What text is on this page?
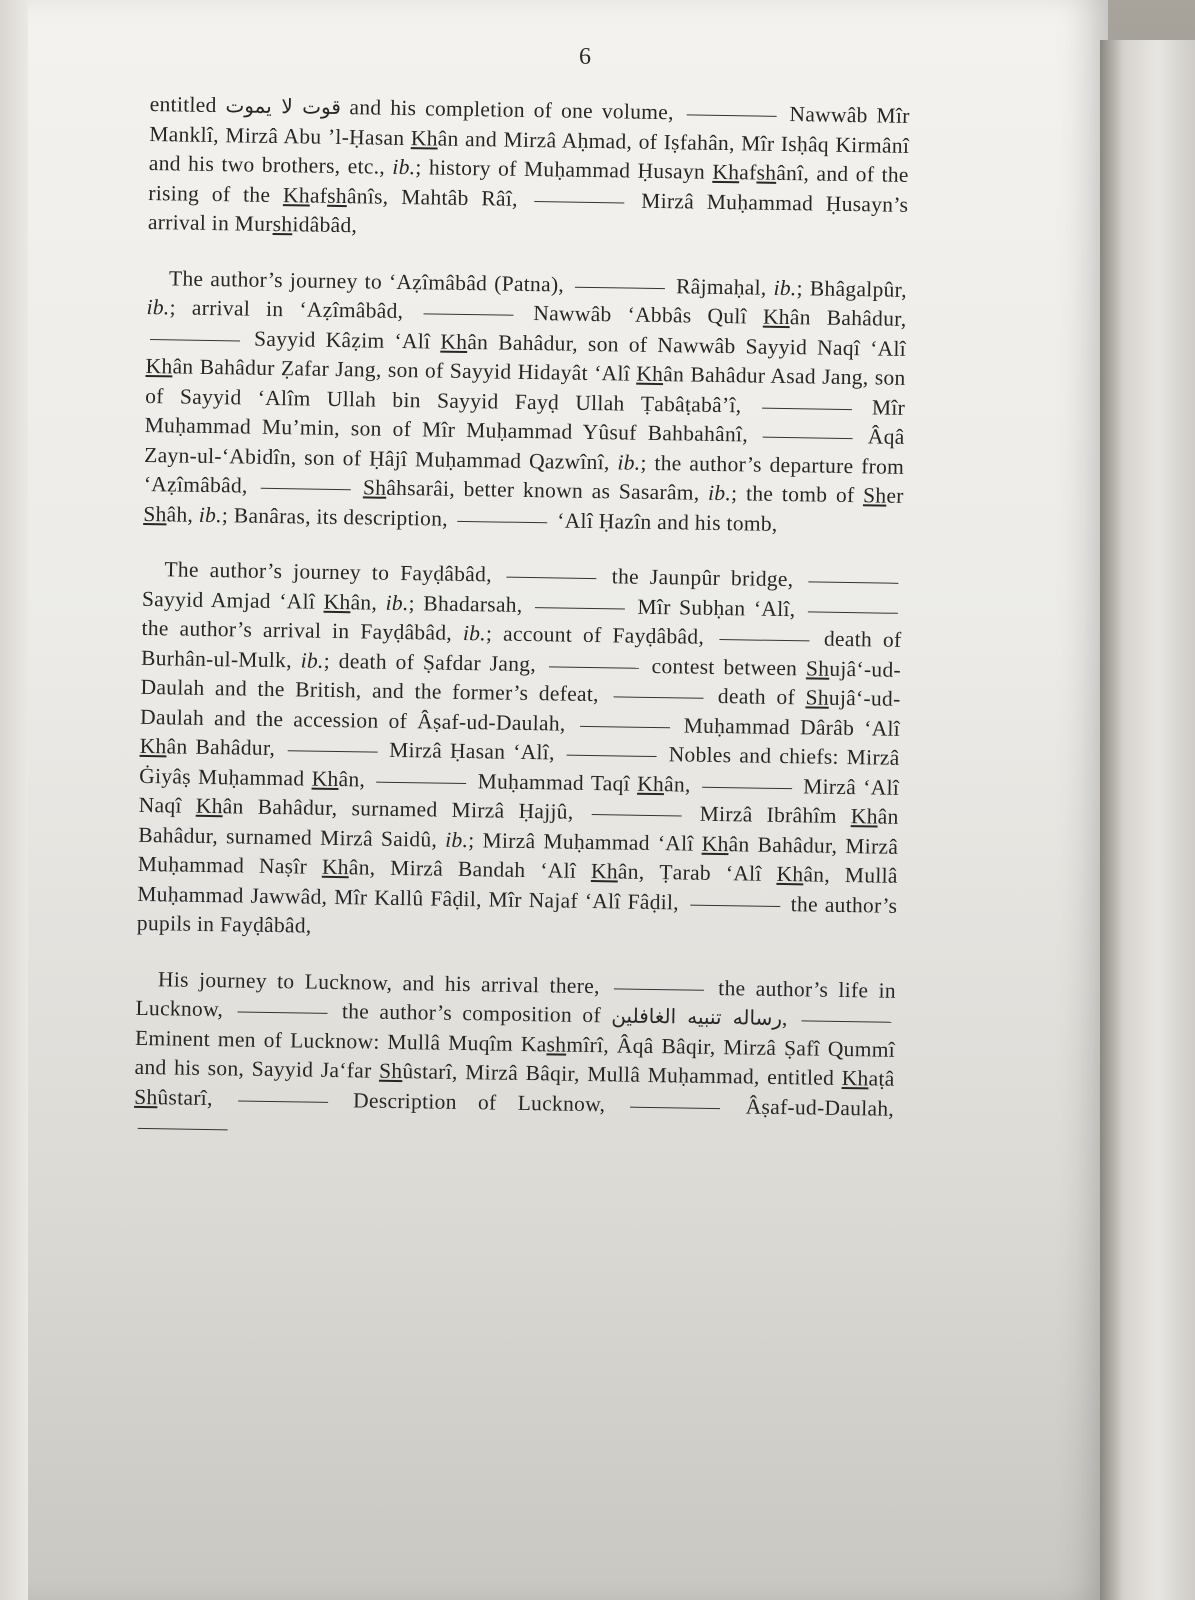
6

entitled قوت لا يموت and his completion of one volume,	Nawwâb Mîr Manklî, Mirzâ Abu ’l-Ḥasan Khân and Mirzâ Aḥmad, of Iṣfahân, Mîr Isḥâq Kirmânî and his two brothers, etc., ib.; history of Muḥammad Ḥusayn Khafshânî, and of the rising of the Khafshânîs, Mahtâb Râî,	Mirzâ Muḥammad Ḥusayn’s arrival in Murshidâbâd,

The author’s journey to ‘Aẓîmâbâd (Patna),	Râjmaḥal, ib.; Bhâgalpûr, ib.; arrival in ‘Aẓîmâbâd,	Nawwâb ‘Abbâs Qulî Khân Bahâdur,  Sayyid Kâẓim ‘Alî Khân Bahâdur, son of Nawwâb Sayyid Naqî ‘Alî Khân Bahâdur Ẓafar Jang, son of Sayyid Hidayât ‘Alî Khân Bahâdur Asad Jang, son of Sayyid ‘Alîm Ullah bin Sayyid Fayḍ Ullah Ṭabâṭabâ’î,	Mîr Muḥammad Mu’min, son of Mîr Muḥammad Yûsuf Bahbahânî,	Âqâ Zayn-ul-‘Abidîn, son of Ḥâjî Muḥammad Qazwînî, ib.; the author’s departure from ‘Aẓîmâbâd,	Shâhsarâi, better known as Sasarâm, ib.; the tomb of Sher Shâh, ib.; Banâras, its description,	‘Alî Ḥazîn and his tomb,

The author’s journey to Fayḍâbâd,	the Jaunpûr bridge,  Sayyid Amjad ‘Alî Khân, ib.; Bhadarsah,	Mîr Subḥan ‘Alî,  the author’s arrival in Fayḍâbâd, ib.; account of Fayḍâbâd,	death of Burhân-ul-Mulk, ib.; death of Ṣafdar Jang,	contest between Shujâ‘-ud-Daulah and the British, and the former’s defeat,	death of Shujâ‘-ud-Daulah and the accession of Âṣaf-ud-Daulah,	Muḥammad Dârâb ‘Alî Khân Bahâdur,	Mirzâ Ḥasan ‘Alî,	Nobles and chiefs: Mirzâ Ġiyâṣ Muḥammad Khân,	Muḥammad Taqî Khân,	Mirzâ ‘Alî Naqî Khân Bahâdur, surnamed Mirzâ Ḥajjû,	Mirzâ Ibrâhîm Khân Bahâdur, surnamed Mirzâ Saidû, ib.; Mirzâ Muḥammad ‘Alî Khân Bahâdur, Mirzâ Muḥammad Naṣîr Khân, Mirzâ Bandah ‘Alî Khân, Ṭarab ‘Alî Khân, Mullâ Muḥammad Jawwâd, Mîr Kallû Fâḍil, Mîr Najaf ‘Alî Fâḍil,	the author’s pupils in Fayḍâbâd,

His journey to Lucknow, and his arrival there,	the author’s life in Lucknow,	the author’s composition of رساله تنبيه الغافلين,  Eminent men of Lucknow: Mullâ Muqîm Kashmîrî, Âqâ Bâqir, Mirzâ Ṣafî Qummî and his son, Sayyid Ja‘far Shûstarî, Mirzâ Bâqir, Mullâ Muḥammad, entitled Khaṭâ Shûstarî,	Description of Lucknow,	Âṣaf-ud-Daulah,
